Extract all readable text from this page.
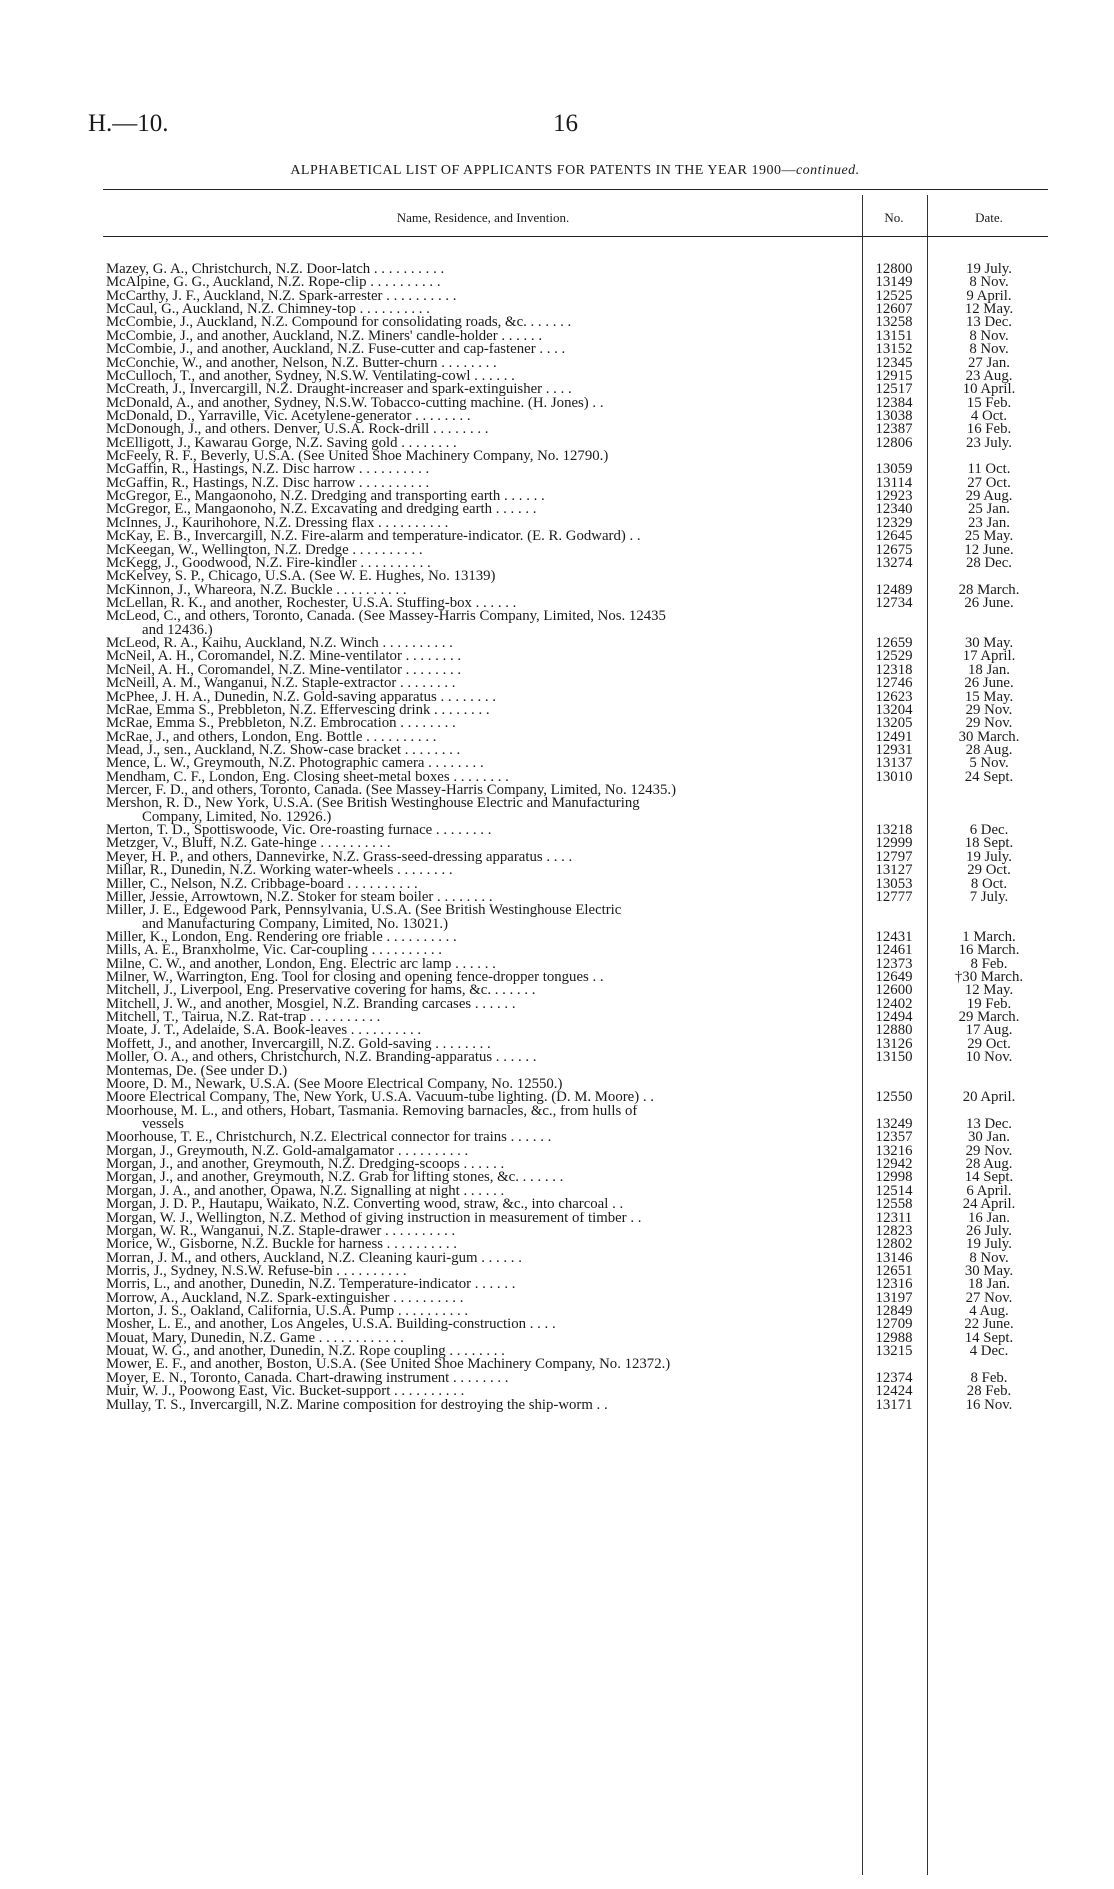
H.—10.	16
ALPHABETICAL LIST OF APPLICANTS FOR PATENTS IN THE YEAR 1900—continued.
Name, Residence, and Invention.	No.	Date.
Mazey, G. A., Christchurch, N.Z. Door-latch . . . . . . . . . .	12800	19 July.
McAlpine, G. G., Auckland, N.Z. Rope-clip . . . . . . . . . .	13149	8 Nov.
McCarthy, J. F., Auckland, N.Z. Spark-arrester . . . . . . . . . .	12525	9 April.
McCaul, G., Auckland, N.Z. Chimney-top . . . . . . . . . .	12607	12 May.
McCombie, J., Auckland, N.Z. Compound for consolidating roads, &c. . . . . . .	13258	13 Dec.
McCombie, J., and another, Auckland, N.Z. Miners' candle-holder . . . . . .	13151	8 Nov.
McCombie, J., and another, Auckland, N.Z. Fuse-cutter and cap-fastener . . . .	13152	8 Nov.
McConchie, W., and another, Nelson, N.Z. Butter-churn . . . . . . . .	12345	27 Jan.
McCulloch, T., and another, Sydney, N.S.W. Ventilating-cowl . . . . . .	12915	23 Aug.
McCreath, J., Invercargill, N.Z. Draught-increaser and spark-extinguisher . . . .	12517	10 April.
McDonald, A., and another, Sydney, N.S.W. Tobacco-cutting machine. (H. Jones) . .	12384	15 Feb.
McDonald, D., Yarraville, Vic. Acetylene-generator . . . . . . . .	13038	4 Oct.
McDonough, J., and others. Denver, U.S.A. Rock-drill . . . . . . . .	12387	16 Feb.
McElligott, J., Kawarau Gorge, N.Z. Saving gold . . . . . . . .	12806	23 July.
McFeely, R. F., Beverly, U.S.A. (See United Shoe Machinery Company, No. 12790.)
McGaffin, R., Hastings, N.Z. Disc harrow . . . . . . . . . .	13059	11 Oct.
McGaffin, R., Hastings, N.Z. Disc harrow . . . . . . . . . .	13114	27 Oct.
McGregor, E., Mangaonoho, N.Z. Dredging and transporting earth . . . . . .	12923	29 Aug.
McGregor, E., Mangaonoho, N.Z. Excavating and dredging earth . . . . . .	12340	25 Jan.
McInnes, J., Kaurihohore, N.Z. Dressing flax . . . . . . . . . .	12329	23 Jan.
McKay, E. B., Invercargill, N.Z. Fire-alarm and temperature-indicator. (E. R. Godward) . .	12645	25 May.
McKeegan, W., Wellington, N.Z. Dredge . . . . . . . . . .	12675	12 June.
McKegg, J., Goodwood, N.Z. Fire-kindler . . . . . . . . . .	13274	28 Dec.
McKelvey, S. P., Chicago, U.S.A. (See W. E. Hughes, No. 13139)
McKinnon, J., Whareora, N.Z. Buckle . . . . . . . . . .	12489	28 March.
McLellan, R. K., and another, Rochester, U.S.A. Stuffing-box . . . . . .	12734	26 June.
McLeod, C., and others, Toronto, Canada. (See Massey-Harris Company, Limited, Nos. 12435
and 12436.)
McLeod, R. A., Kaihu, Auckland, N.Z. Winch . . . . . . . . . .	12659	30 May.
McNeil, A. H., Coromandel, N.Z. Mine-ventilator . . . . . . . .	12529	17 April.
McNeil, A. H., Coromandel, N.Z. Mine-ventilator . . . . . . . .	12318	18 Jan.
McNeill, A. M., Wanganui, N.Z. Staple-extractor . . . . . . . .	12746	26 June.
McPhee, J. H. A., Dunedin, N.Z. Gold-saving apparatus . . . . . . . .	12623	15 May.
McRae, Emma S., Prebbleton, N.Z. Effervescing drink . . . . . . . .	13204	29 Nov.
McRae, Emma S., Prebbleton, N.Z. Embrocation . . . . . . . .	13205	29 Nov.
McRae, J., and others, London, Eng. Bottle . . . . . . . . . .	12491	30 March.
Mead, J., sen., Auckland, N.Z. Show-case bracket . . . . . . . .	12931	28 Aug.
Mence, L. W., Greymouth, N.Z. Photographic camera . . . . . . . .	13137	5 Nov.
Mendham, C. F., London, Eng. Closing sheet-metal boxes . . . . . . . .	13010	24 Sept.
Mercer, F. D., and others, Toronto, Canada. (See Massey-Harris Company, Limited, No. 12435.)
Mershon, R. D., New York, U.S.A. (See British Westinghouse Electric and Manufacturing
Company, Limited, No. 12926.)
Merton, T. D., Spottiswoode, Vic. Ore-roasting furnace . . . . . . . .	13218	6 Dec.
Metzger, V., Bluff, N.Z. Gate-hinge . . . . . . . . . .	12999	18 Sept.
Meyer, H. P., and others, Dannevirke, N.Z. Grass-seed-dressing apparatus . . . .	12797	19 July.
Millar, R., Dunedin, N.Z. Working water-wheels . . . . . . . .	13127	29 Oct.
Miller, C., Nelson, N.Z. Cribbage-board . . . . . . . . . .	13053	8 Oct.
Miller, Jessie, Arrowtown, N.Z. Stoker for steam boiler . . . . . . . .	12777	7 July.
Miller, J. E., Edgewood Park, Pennsylvania, U.S.A. (See British Westinghouse Electric
and Manufacturing Company, Limited, No. 13021.)
Miller, K., London, Eng. Rendering ore friable . . . . . . . . . .	12431	1 March.
Mills, A. E., Branxholme, Vic. Car-coupling . . . . . . . . . .	12461	16 March.
Milne, C. W., and another, London, Eng. Electric arc lamp . . . . . .	12373	8 Feb.
Milner, W., Warrington, Eng. Tool for closing and opening fence-dropper tongues . .	12649	†30 March.
Mitchell, J., Liverpool, Eng. Preservative covering for hams, &c. . . . . . .	12600	12 May.
Mitchell, J. W., and another, Mosgiel, N.Z. Branding carcases . . . . . .	12402	19 Feb.
Mitchell, T., Tairua, N.Z. Rat-trap . . . . . . . . . .	12494	29 March.
Moate, J. T., Adelaide, S.A. Book-leaves . . . . . . . . . .	12880	17 Aug.
Moffett, J., and another, Invercargill, N.Z. Gold-saving . . . . . . . .	13126	29 Oct.
Moller, O. A., and others, Christchurch, N.Z. Branding-apparatus . . . . . .	13150	10 Nov.
Montemas, De. (See under D.)
Moore, D. M., Newark, U.S.A. (See Moore Electrical Company, No. 12550.)
Moore Electrical Company, The, New York, U.S.A. Vacuum-tube lighting. (D. M. Moore) . .	12550	20 April.
Moorhouse, M. L., and others, Hobart, Tasmania. Removing barnacles, &c., from hulls of
vessels	13249	13 Dec.
Moorhouse, T. E., Christchurch, N.Z. Electrical connector for trains . . . . . .	12357	30 Jan.
Morgan, J., Greymouth, N.Z. Gold-amalgamator . . . . . . . . . .	13216	29 Nov.
Morgan, J., and another, Greymouth, N.Z. Dredging-scoops . . . . . .	12942	28 Aug.
Morgan, J., and another, Greymouth, N.Z. Grab for lifting stones, &c. . . . . . .	12998	14 Sept.
Morgan, J. A., and another, Opawa, N.Z. Signalling at night . . . . . .	12514	6 April.
Morgan, J. D. P., Hautapu, Waikato, N.Z. Converting wood, straw, &c., into charcoal . .	12558	24 April.
Morgan, W. J., Wellington, N.Z. Method of giving instruction in measurement of timber . .	12311	16 Jan.
Morgan, W. R., Wanganui, N.Z. Staple-drawer . . . . . . . . . .	12823	26 July.
Morice, W., Gisborne, N.Z. Buckle for harness . . . . . . . . . .	12802	19 July.
Morran, J. M., and others, Auckland, N.Z. Cleaning kauri-gum . . . . . .	13146	8 Nov.
Morris, J., Sydney, N.S.W. Refuse-bin . . . . . . . . . .	12651	30 May.
Morris, L., and another, Dunedin, N.Z. Temperature-indicator . . . . . .	12316	18 Jan.
Morrow, A., Auckland, N.Z. Spark-extinguisher . . . . . . . . . .	13197	27 Nov.
Morton, J. S., Oakland, California, U.S.A. Pump . . . . . . . . . .	12849	4 Aug.
Mosher, L. E., and another, Los Angeles, U.S.A. Building-construction . . . .	12709	22 June.
Mouat, Mary, Dunedin, N.Z. Game . . . . . . . . . . . .	12988	14 Sept.
Mouat, W. G., and another, Dunedin, N.Z. Rope coupling . . . . . . . .	13215	4 Dec.
Mower, E. F., and another, Boston, U.S.A. (See United Shoe Machinery Company, No. 12372.)
Moyer, E. N., Toronto, Canada. Chart-drawing instrument . . . . . . . .	12374	8 Feb.
Muir, W. J., Poowong East, Vic. Bucket-support . . . . . . . . . .	12424	28 Feb.
Mullay, T. S., Invercargill, N.Z. Marine composition for destroying the ship-worm . .	13171	16 Nov.
